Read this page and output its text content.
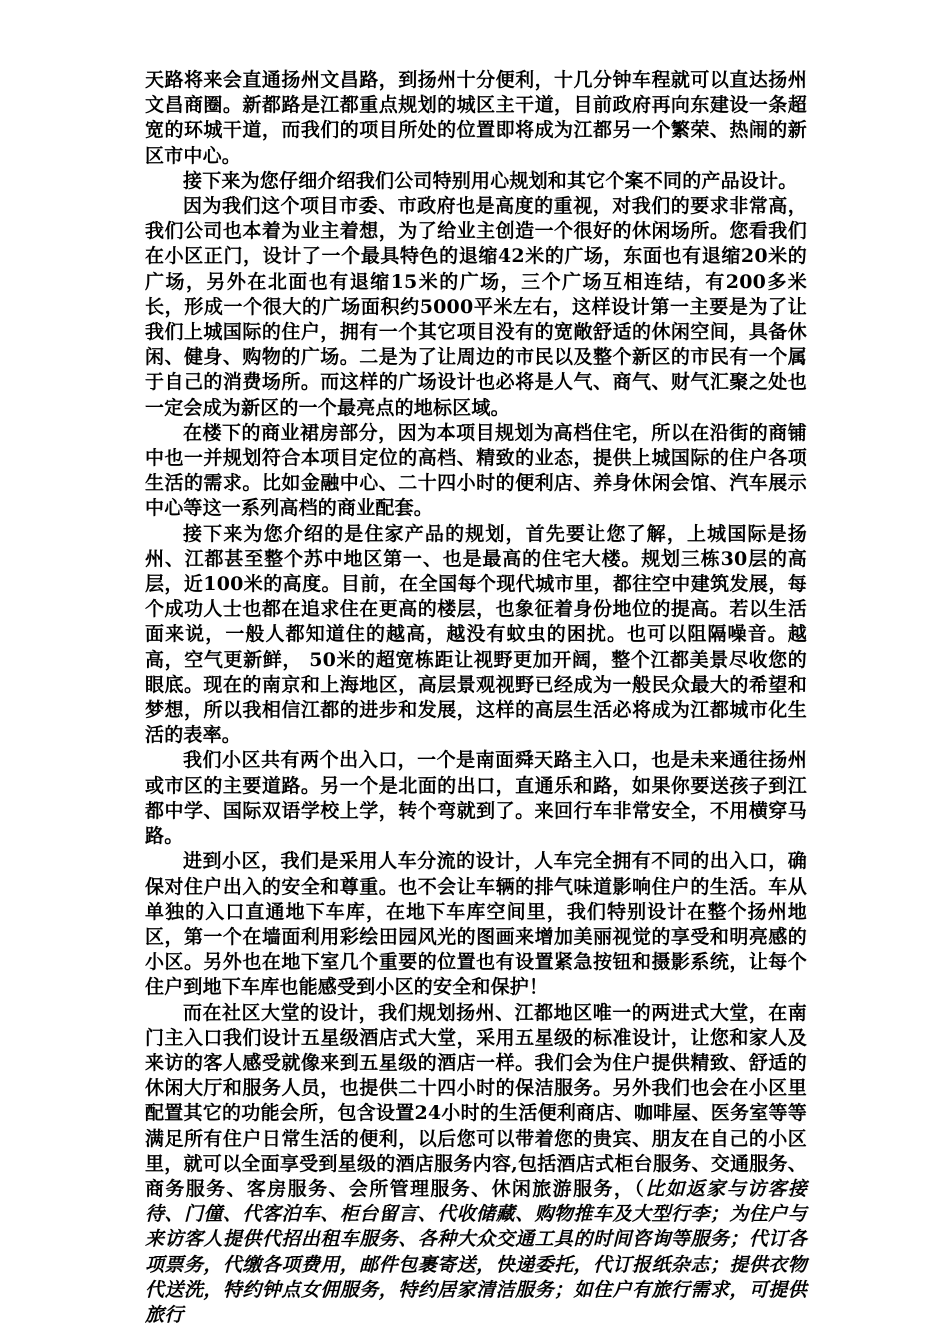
天路将来会直通扬州文昌路，到扬州十分便利，十几分钟车程就可以直达扬州文昌商圈。新都路是江都重点规划的城区主干道，目前政府再向东建设一条超宽的环城干道，而我们的项目所处的位置即将成为江都另一个繁荣、热闹的新区市中心。

接下来为您仔细介绍我们公司特别用心规划和其它个案不同的产品设计。

因为我们这个项目市委、市政府也是高度的重视，对我们的要求非常高，我们公司也本着为业主着想，为了给业主创造一个很好的休闲场所。您看我们在小区正门，设计了一个最具特色的退缩42米的广场，东面也有退缩20米的广场，另外在北面也有退缩15米的广场，三个广场互相连结，有200多米长，形成一个很大的广场面积约5000平米左右，这样设计第一主要是为了让我们上城国际的住户，拥有一个其它项目没有的宽敞舒适的休闲空间，具备休闲、健身、购物的广场。二是为了让周边的市民以及整个新区的市民有一个属于自己的消费场所。而这样的广场设计也必将是人气、商气、财气汇聚之处也一定会成为新区的一个最亮点的地标区域。

在楼下的商业裙房部分，因为本项目规划为高档住宅，所以在沿街的商铺中也一并规划符合本项目定位的高档、精致的业态，提供上城国际的住户各项生活的需求。比如金融中心、二十四小时的便利店、养身休闲会馆、汽车展示中心等这一系列高档的商业配套。

接下来为您介绍的是住家产品的规划，首先要让您了解，上城国际是扬州、江都甚至整个苏中地区第一、也是最高的住宅大楼。规划三栋30层的高层，近100米的高度。目前，在全国每个现代城市里，都往空中建筑发展，每个成功人士也都在追求住在更高的楼层，也象征着身份地位的提高。若以生活面来说，一般人都知道住的越高，越没有蚊虫的困扰。也可以阻隔噪音。越高，空气更新鲜， 50米的超宽栋距让视野更加开阔，整个江都美景尽收您的眼底。现在的南京和上海地区，高层景观视野已经成为一般民众最大的希望和梦想，所以我相信江都的进步和发展，这样的高层生活必将成为江都城市化生活的表率。

我们小区共有两个出入口，一个是南面舜天路主入口，也是未来通往扬州或市区的主要道路。另一个是北面的出口，直通乐和路，如果你要送孩子到江都中学、国际双语学校上学，转个弯就到了。来回行车非常安全，不用横穿马路。

进到小区，我们是采用人车分流的设计，人车完全拥有不同的出入口，确保对住户出入的安全和尊重。也不会让车辆的排气味道影响住户的生活。车从单独的入口直通地下车库，在地下车库空间里，我们特别设计在整个扬州地区，第一个在墙面利用彩绘田园风光的图画来增加美丽视觉的享受和明亮感的小区。另外也在地下室几个重要的位置也有设置紧急按钮和摄影系统，让每个住户到地下车库也能感受到小区的安全和保护！

而在社区大堂的设计，我们规划扬州、江都地区唯一的两进式大堂，在南门主入口我们设计五星级酒店式大堂，采用五星级的标准设计，让您和家人及来访的客人感受就像来到五星级的酒店一样。我们会为住户提供精致、舒适的休闲大厅和服务人员，也提供二十四小时的保洁服务。另外我们也会在小区里配置其它的功能会所，包含设置24小时的生活便利商店、咖啡屋、医务室等等满足所有住户日常生活的便利，以后您可以带着您的贵宾、朋友在自己的小区里，就可以全面享受到星级的酒店服务内容,包括酒店式柜台服务、交通服务、商务服务、客房服务、会所管理服务、休闲旅游服务，（比如返家与访客接待、门僮、代客泊车、柜台留言、代收储藏、购物推车及大型行李；为住户与来访客人提供代招出租车服务、各种大众交通工具的时间咨询等服务；代订各项票务，代缴各项费用，邮件包裹寄送，快递委托，代订报纸杂志；提供衣物代送洗，特约钟点女佣服务，特约居家清洁服务；如住户有旅行需求，可提供旅行
